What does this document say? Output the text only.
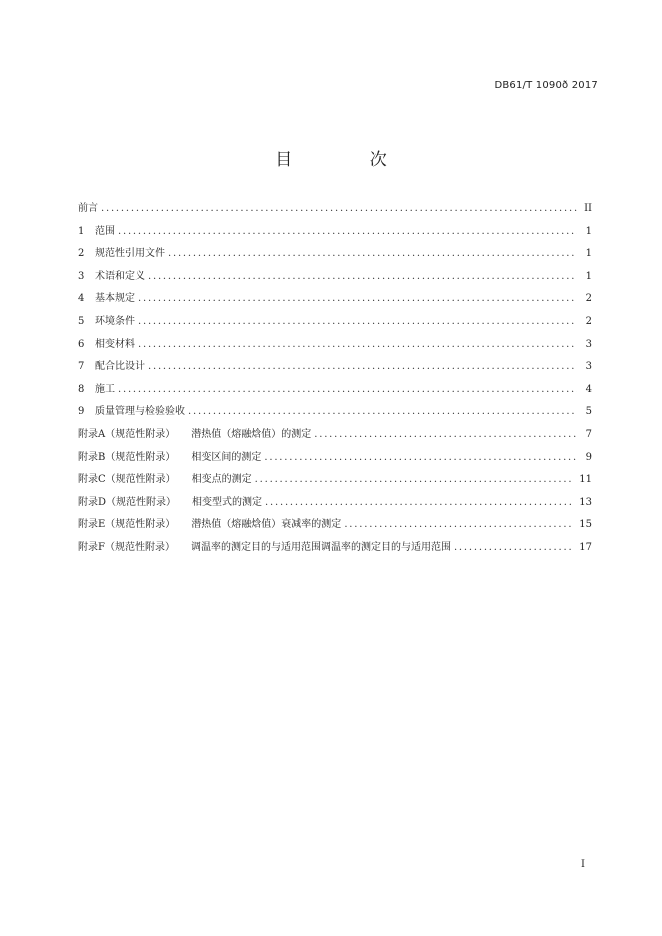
DB61/T 1090ð 2017
目 次
前言 .....	II
1	范围 .....	1
2	规范性引用文件 .....	1
3	术语和定义 .....	1
4	基本规定 .....	2
5	环境条件 .....	2
6	相变材料 .....	3
7	配合比设计 .....	3
8	施工 .....	4
9	质量管理与检验验收 .....	5
附录A（规范性附录） 潜热值（熔融焓值）的测定 .....	7
附录B（规范性附录） 相变区间的测定 .....	9
附录C（规范性附录） 相变点的测定 .....	11
附录D（规范性附录） 相变型式的测定 .....	13
附录E（规范性附录） 潜热值（熔融焓值）衰减率的测定 .....	15
附录F（规范性附录） 调温率的测定目的与适用范围调温率的测定目的与适用范围 .....	17
I
